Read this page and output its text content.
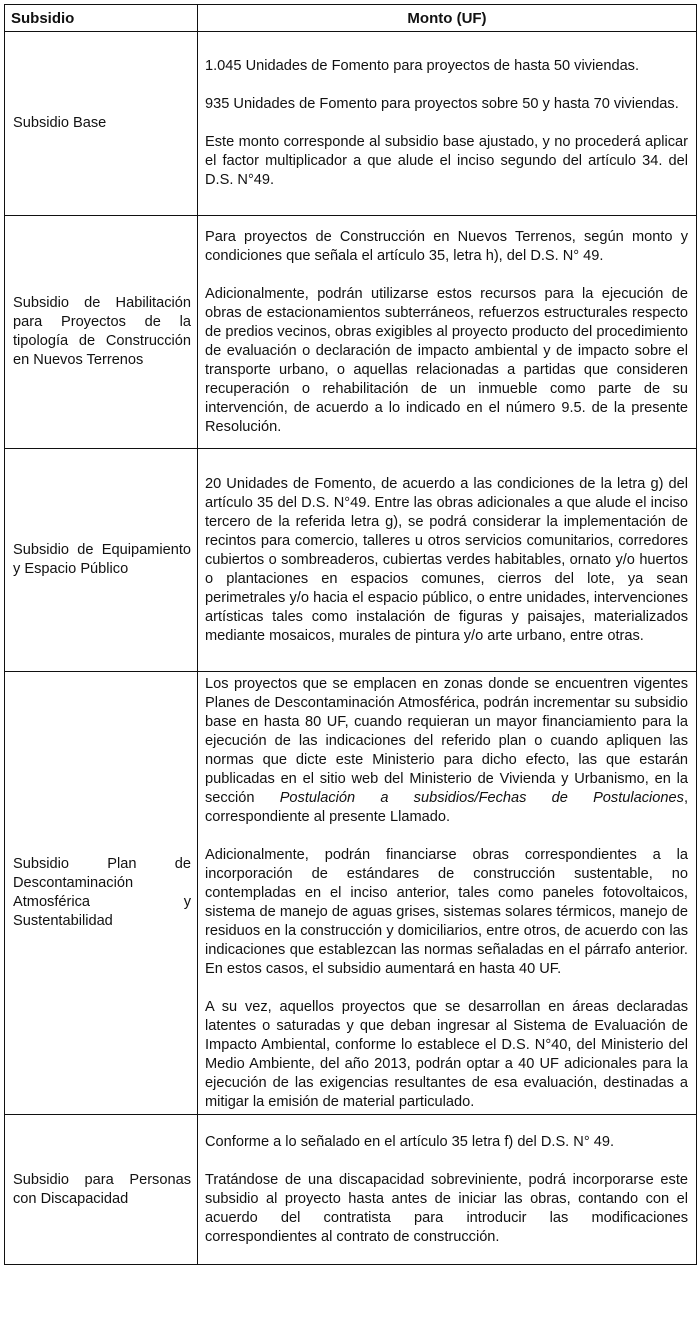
Subsidio	Monto (UF)
Subsidio Base	1.045 Unidades de Fomento para proyectos de hasta 50 viviendas.

935 Unidades de Fomento para proyectos sobre 50 y hasta 70 viviendas.

Este monto corresponde al subsidio base ajustado, y no procederá aplicar el factor multiplicador a que alude el inciso segundo del artículo 34. del D.S. N°49.

Subsidio de Habilitación para Proyectos de la tipología de Construcción en Nuevos Terrenos	Para proyectos de Construcción en Nuevos Terrenos, según monto y condiciones que señala el artículo 35, letra h), del D.S. N° 49.

Adicionalmente, podrán utilizarse estos recursos para la ejecución de obras de estacionamientos subterráneos, refuerzos estructurales respecto de predios vecinos, obras exigibles al proyecto producto del procedimiento de evaluación o declaración de impacto ambiental y de impacto sobre el transporte urbano, o aquellas relacionadas a partidas que consideren recuperación o rehabilitación de un inmueble como parte de su intervención, de acuerdo a lo indicado en el número 9.5. de la presente Resolución.

Subsidio de Equipamiento y Espacio Público	20 Unidades de Fomento, de acuerdo a las condiciones de la letra g) del artículo 35 del D.S. N°49. Entre las obras adicionales a que alude el inciso tercero de la referida letra g), se podrá considerar la implementación de recintos para comercio, talleres u otros servicios comunitarios, corredores cubiertos o sombreaderos, cubiertas verdes habitables, ornato y/o huertos o plantaciones en espacios comunes, cierros del lote, ya sean perimetrales y/o hacia el espacio público, o entre unidades, intervenciones artísticas tales como instalación de figuras y paisajes, materializados mediante mosaicos, murales de pintura y/o arte urbano, entre otras.

Subsidio Plan de Descontaminación Atmosférica y Sustentabilidad	Los proyectos que se emplacen en zonas donde se encuentren vigentes Planes de Descontaminación Atmosférica, podrán incrementar su subsidio base en hasta 80 UF, cuando requieran un mayor financiamiento para la ejecución de las indicaciones del referido plan o cuando apliquen las normas que dicte este Ministerio para dicho efecto, las que estarán publicadas en el sitio web del Ministerio de Vivienda y Urbanismo, en la sección Postulación a subsidios/Fechas de Postulaciones, correspondiente al presente Llamado.

Adicionalmente, podrán financiarse obras correspondientes a la incorporación de estándares de construcción sustentable, no contempladas en el inciso anterior, tales como paneles fotovoltaicos, sistema de manejo de aguas grises, sistemas solares térmicos, manejo de residuos en la construcción y domiciliarios, entre otros, de acuerdo con las indicaciones que establezcan las normas señaladas en el párrafo anterior. En estos casos, el subsidio aumentará en hasta 40 UF.

A su vez, aquellos proyectos que se desarrollan en áreas declaradas latentes o saturadas y que deban ingresar al Sistema de Evaluación de Impacto Ambiental, conforme lo establece el D.S. N°40, del Ministerio del Medio Ambiente, del año 2013, podrán optar a 40 UF adicionales para la ejecución de las exigencias resultantes de esa evaluación, destinadas a mitigar la emisión de material particulado.

Subsidio para Personas con Discapacidad	Conforme a lo señalado en el artículo 35 letra f) del D.S. N° 49.

Tratándose de una discapacidad sobreviniente, podrá incorporarse este subsidio al proyecto hasta antes de iniciar las obras, contando con el acuerdo del contratista para introducir las modificaciones correspondientes al contrato de construcción.
